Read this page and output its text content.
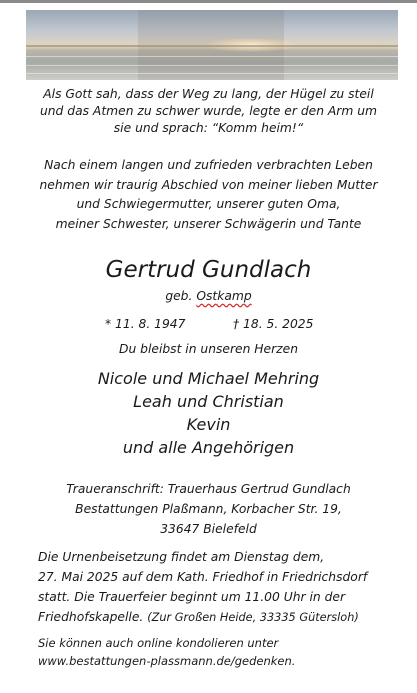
Als Gott sah, dass der Weg zu lang, der Hügel zu steil

und das Atmen zu schwer wurde, legte er den Arm um

sie und sprach: “Komm heim!“

Nach einem langen und zufrieden verbrachten Leben

nehmen wir traurig Abschied von meiner lieben Mutter

und Schwiegermutter, unserer guten Oma,

meiner Schwester, unserer Schwägerin und Tante

Gertrud Gundlach
geb. Ostkamp
* 11. 8. 1947	† 18. 5. 2025
Du bleibst in unseren Herzen

Nicole und Michael Mehring

Leah und Christian

Kevin

und alle Angehörigen

Traueranschrift: Trauerhaus Gertrud Gundlach

Bestattungen Plaßmann, Korbacher Str. 19,

33647 Bielefeld

Die Urnenbeisetzung findet am Dienstag dem,

27. Mai 2025 auf dem Kath. Friedhof in Friedrichsdorf

statt. Die Trauerfeier beginnt um 11.00 Uhr in der

Friedhofskapelle. (Zur Großen Heide, 33335 Gütersloh)

Sie können auch online kondolieren unter

www.bestattungen-plassmann.de/gedenken.
